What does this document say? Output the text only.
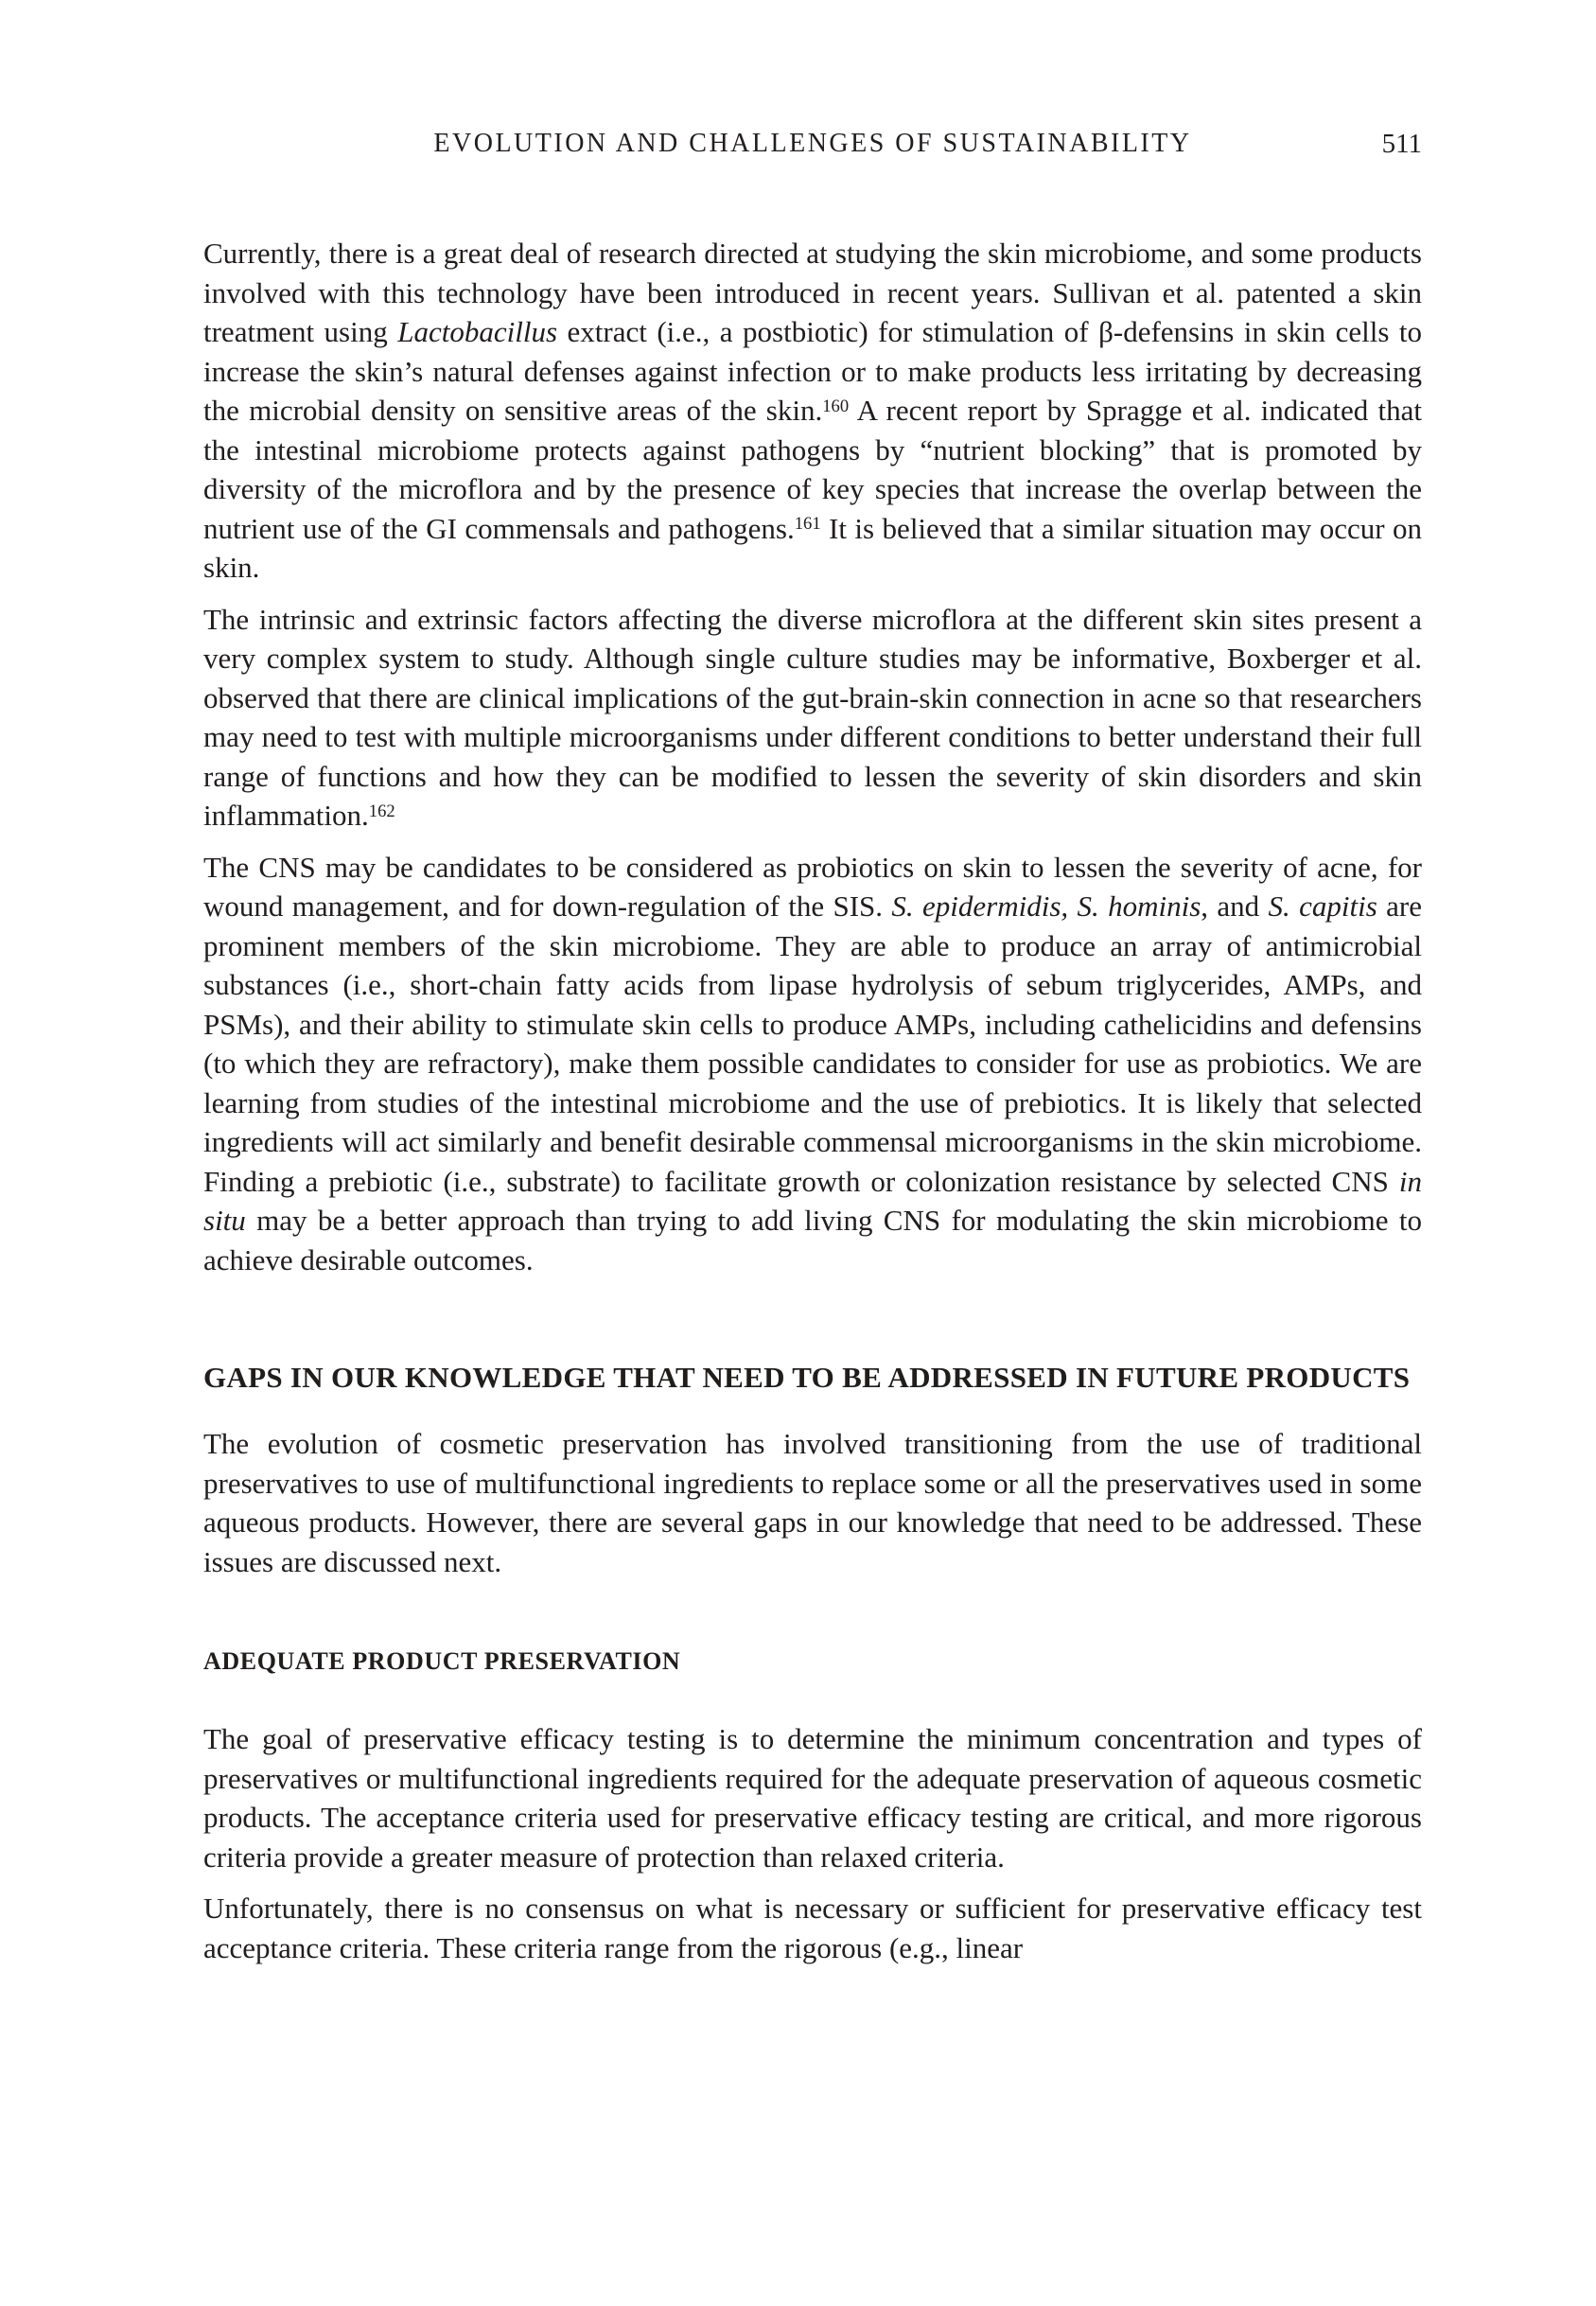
EVOLUTION AND CHALLENGES OF SUSTAINABILITY	511

Currently, there is a great deal of research directed at studying the skin microbiome, and some products involved with this technology have been introduced in recent years. Sullivan et al. patented a skin treatment using Lactobacillus extract (i.e., a postbiotic) for stimulation of β-defensins in skin cells to increase the skin’s natural defenses against infection or to make products less irritating by decreasing the microbial density on sensitive areas of the skin.$^{160}$ A recent report by Spragge et al. indicated that the intestinal microbiome protects against pathogens by “nutrient blocking” that is promoted by diversity of the microflora and by the presence of key species that increase the overlap between the nutrient use of the GI commensals and pathogens.$^{161}$ It is believed that a similar situation may occur on skin.

The intrinsic and extrinsic factors affecting the diverse microflora at the different skin sites present a very complex system to study. Although single culture studies may be informative, Boxberger et al. observed that there are clinical implications of the gut-brain-skin connection in acne so that researchers may need to test with multiple microorganisms under different conditions to better understand their full range of functions and how they can be modified to lessen the severity of skin disorders and skin inflammation.$^{162}$

The CNS may be candidates to be considered as probiotics on skin to lessen the severity of acne, for wound management, and for down-regulation of the SIS. S. epidermidis, S. hominis, and S. capitis are prominent members of the skin microbiome. They are able to produce an array of antimicrobial substances (i.e., short-chain fatty acids from lipase hydrolysis of sebum triglycerides, AMPs, and PSMs), and their ability to stimulate skin cells to produce AMPs, including cathelicidins and defensins (to which they are refractory), make them possible candidates to consider for use as probiotics. We are learning from studies of the intestinal microbiome and the use of prebiotics. It is likely that selected ingredients will act similarly and benefit desirable commensal microorganisms in the skin microbiome. Finding a prebiotic (i.e., substrate) to facilitate growth or colonization resistance by selected CNS in situ may be a better approach than trying to add living CNS for modulating the skin microbiome to achieve desirable outcomes.

GAPS IN OUR KNOWLEDGE THAT NEED TO BE ADDRESSED IN FUTURE PRODUCTS

The evolution of cosmetic preservation has involved transitioning from the use of traditional preservatives to use of multifunctional ingredients to replace some or all the preservatives used in some aqueous products. However, there are several gaps in our knowledge that need to be addressed. These issues are discussed next.

ADEQUATE PRODUCT PRESERVATION

The goal of preservative efficacy testing is to determine the minimum concentration and types of preservatives or multifunctional ingredients required for the adequate preservation of aqueous cosmetic products. The acceptance criteria used for preservative efficacy testing are critical, and more rigorous criteria provide a greater measure of protection than relaxed criteria.

Unfortunately, there is no consensus on what is necessary or sufficient for preservative efficacy test acceptance criteria. These criteria range from the rigorous (e.g., linear
